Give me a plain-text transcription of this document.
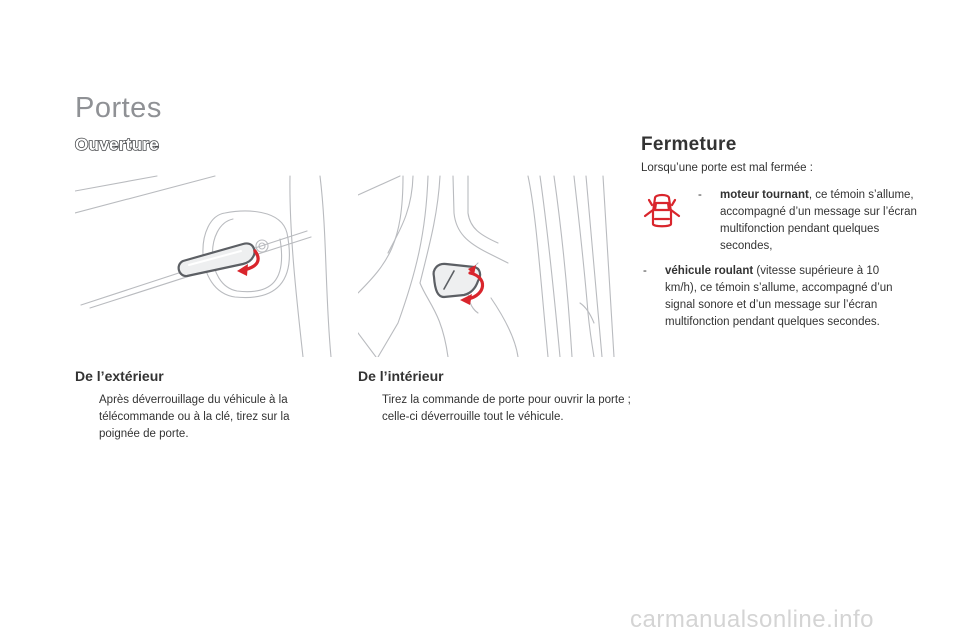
Portes
Ouverture
De l’extérieur
Après déverrouillage du véhicule à la télécommande ou à la clé, tirez sur la poignée de porte.
De l’intérieur
Tirez la commande de porte pour ouvrir la porte ; celle-ci déverrouille tout le véhicule.
Fermeture
Lorsqu’une porte est mal fermée :
- moteur tournant, ce témoin s’allume, accompagné d’un message sur l’écran multifonction pendant quelques secondes,
- véhicule roulant (vitesse supérieure à 10 km/h), ce témoin s’allume, accompagné d’un signal sonore et d’un message sur l’écran multifonction pendant quelques secondes.
carmanualsonline.info
